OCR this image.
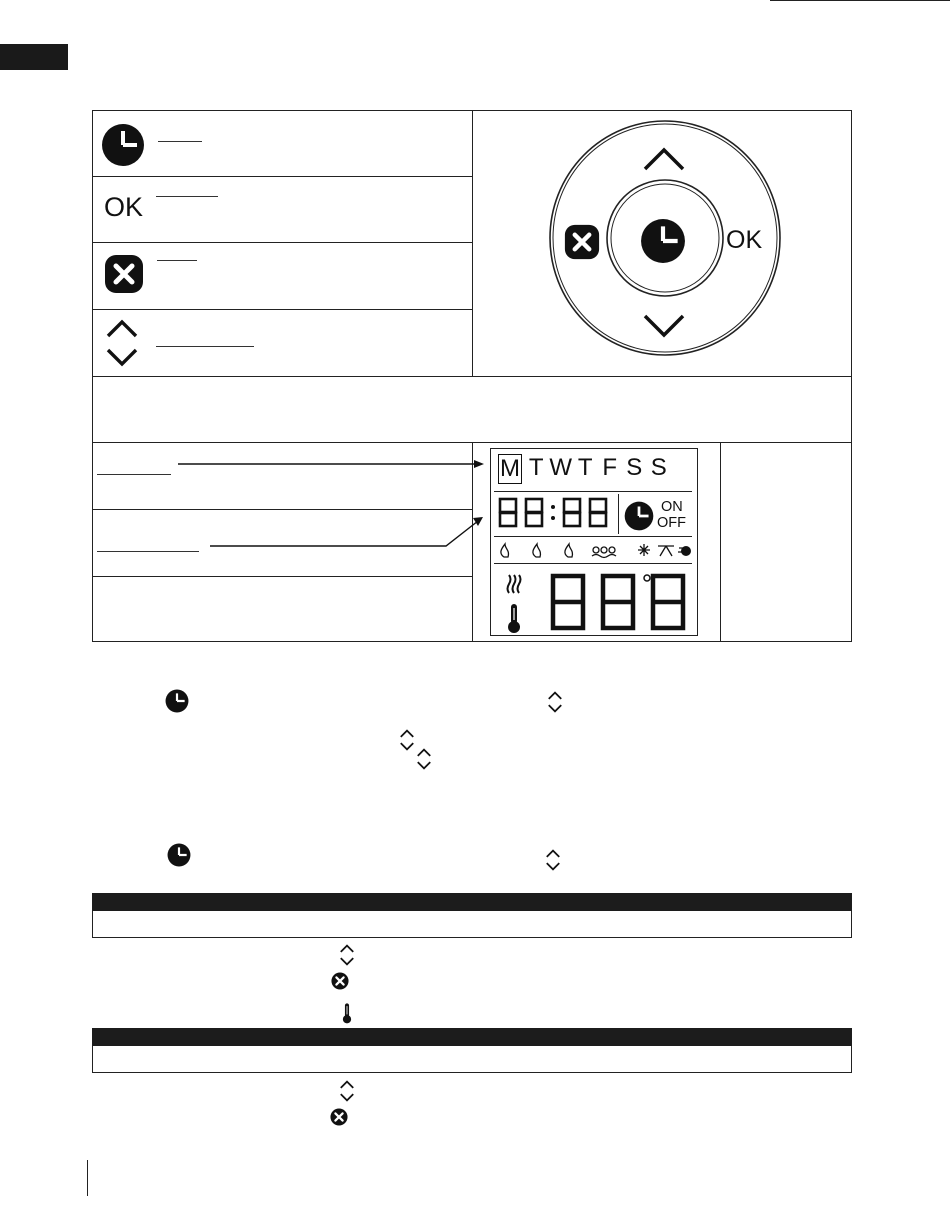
OK
OK
M T W T F S S
ON
OFF
